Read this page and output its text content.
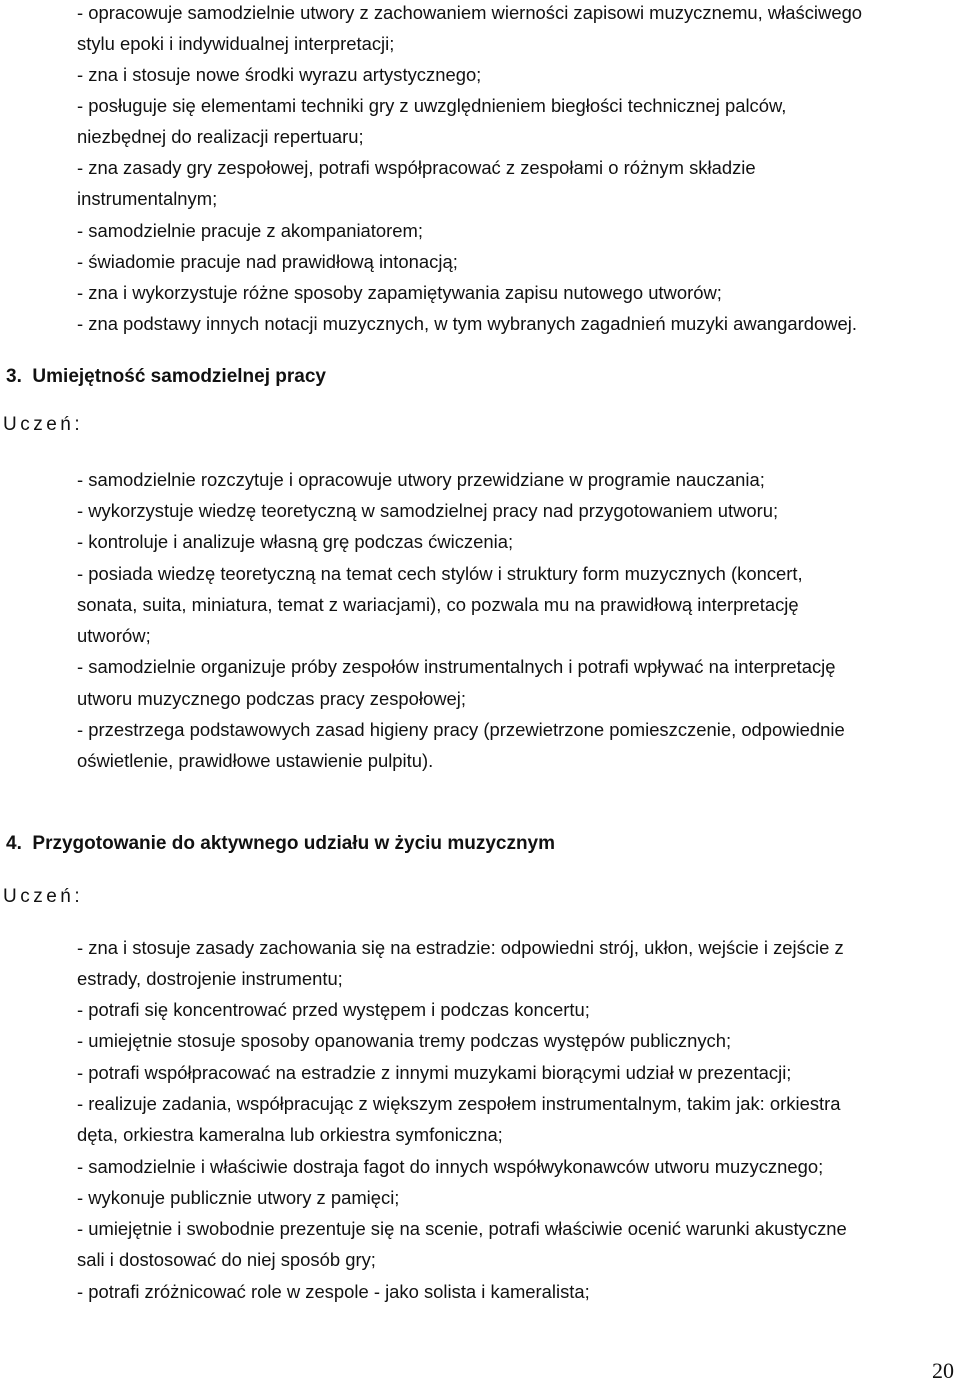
- opracowuje samodzielnie utwory z zachowaniem wierności zapisowi muzycznemu, właściwego
stylu epoki i indywidualnej interpretacji;
- zna i stosuje nowe środki wyrazu artystycznego;
- posługuje się elementami techniki gry z uwzględnieniem biegłości technicznej palców,
niezbędnej do realizacji repertuaru;
- zna zasady gry zespołowej, potrafi współpracować z zespołami o różnym składzie
instrumentalnym;
- samodzielnie pracuje z akompaniatorem;
- świadomie pracuje nad prawidłową intonacją;
- zna i wykorzystuje różne sposoby zapamiętywania zapisu nutowego utworów;
- zna podstawy innych notacji muzycznych, w tym wybranych zagadnień muzyki awangardowej.
3. Umiejętność samodzielnej pracy
Uczeń:
- samodzielnie rozczytuje i opracowuje utwory przewidziane w programie nauczania;
- wykorzystuje wiedzę teoretyczną w samodzielnej pracy nad przygotowaniem utworu;
- kontroluje i analizuje własną grę podczas ćwiczenia;
- posiada wiedzę teoretyczną na temat cech stylów i struktury form muzycznych (koncert,
sonata, suita, miniatura, temat z wariacjami), co pozwala mu na prawidłową interpretację
utworów;
- samodzielnie organizuje próby zespołów instrumentalnych i potrafi wpływać na interpretację
utworu muzycznego podczas pracy zespołowej;
- przestrzega podstawowych zasad higieny pracy (przewietrzone pomieszczenie, odpowiednie
oświetlenie, prawidłowe ustawienie pulpitu).
4. Przygotowanie do aktywnego udziału w życiu muzycznym
Uczeń:
- zna i stosuje zasady zachowania się na estradzie: odpowiedni strój, ukłon, wejście i zejście z
estrady, dostrojenie instrumentu;
- potrafi się koncentrować przed występem i podczas koncertu;
- umiejętnie stosuje sposoby opanowania tremy podczas występów publicznych;
- potrafi współpracować na estradzie z innymi muzykami biorącymi udział w prezentacji;
- realizuje zadania, współpracując z większym zespołem instrumentalnym, takim jak: orkiestra
dęta, orkiestra kameralna lub orkiestra symfoniczna;
- samodzielnie i właściwie dostraja fagot do innych współwykonawców utworu muzycznego;
- wykonuje publicznie utwory z pamięci;
- umiejętnie i swobodnie prezentuje się na scenie, potrafi właściwie ocenić warunki akustyczne
sali i dostosować do niej sposób gry;
- potrafi zróżnicować role w zespole - jako solista i kameralista;
20
